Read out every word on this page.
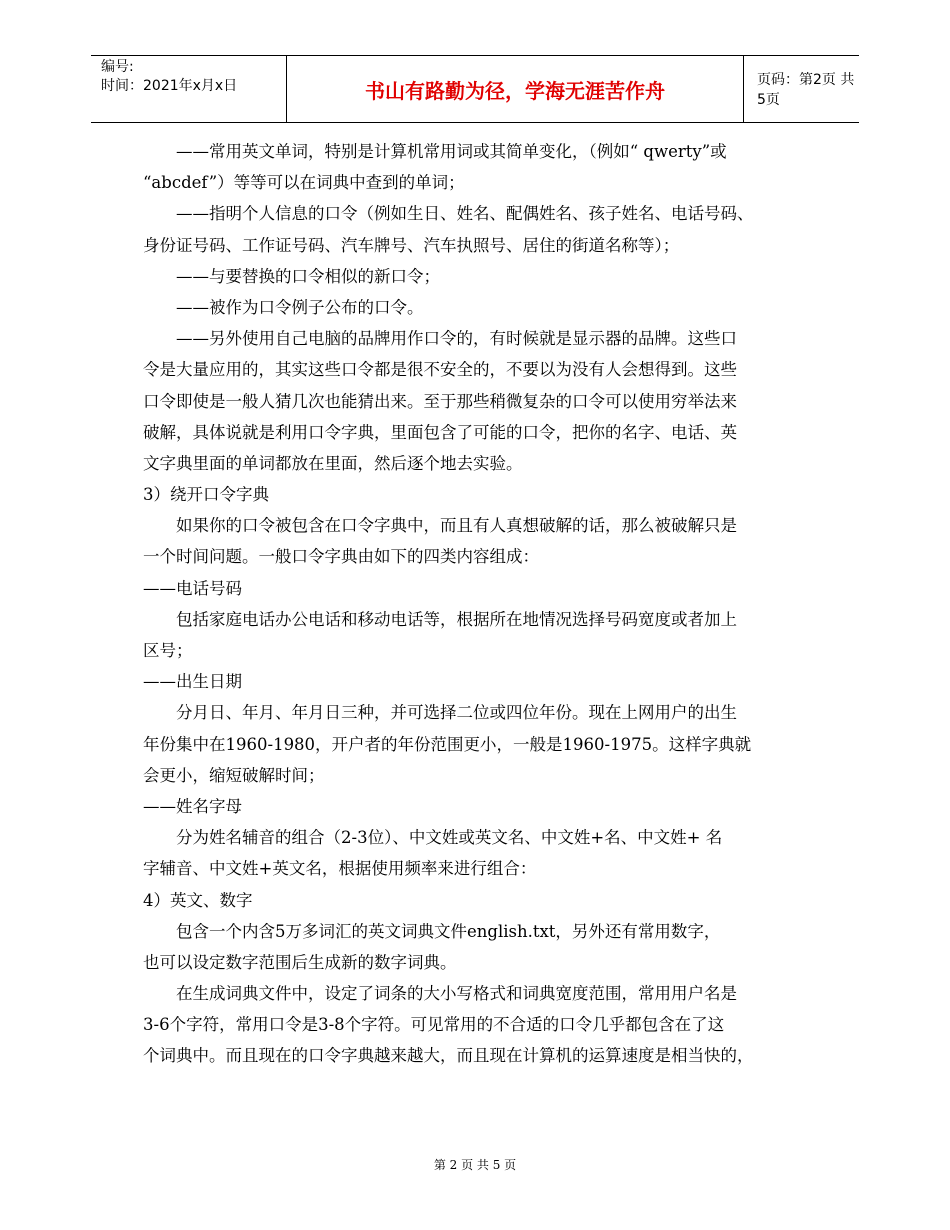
编号:
时间：2021年x月x日	书山有路勤为径，学海无涯苦作舟	页码：第2页 共5页
——常用英文单词，特别是计算机常用词或其简单变化，（例如“ qwerty”或
“abcdef”）等等可以在词典中查到的单词；
——指明个人信息的口令（例如生日、姓名、配偶姓名、孩子姓名、电话号码、
身份证号码、工作证号码、汽车牌号、汽车执照号、居住的街道名称等）；
——与要替换的口令相似的新口令；
——被作为口令例子公布的口令。
——另外使用自己电脑的品牌用作口令的，有时候就是显示器的品牌。这些口
令是大量应用的，其实这些口令都是很不安全的，不要以为没有人会想得到。这些
口令即使是一般人猜几次也能猜出来。至于那些稍微复杂的口令可以使用穷举法来
破解，具体说就是利用口令字典，里面包含了可能的口令，把你的名字、电话、英
文字典里面的单词都放在里面，然后逐个地去实验。
3）绕开口令字典
如果你的口令被包含在口令字典中，而且有人真想破解的话，那么被破解只是
一个时间问题。一般口令字典由如下的四类内容组成：
——电话号码
包括家庭电话办公电话和移动电话等，根据所在地情况选择号码宽度或者加上
区号；
——出生日期
分月日、年月、年月日三种，并可选择二位或四位年份。现在上网用户的出生
年份集中在1960-1980，开户者的年份范围更小，一般是1960-1975。这样字典就
会更小，缩短破解时间；
——姓名字母
分为姓名辅音的组合（2-3位）、中文姓或英文名、中文姓+名、中文姓+ 名
字辅音、中文姓+英文名，根据使用频率来进行组合：
4）英文、数字
包含一个内含5万多词汇的英文词典文件english.txt，另外还有常用数字，
也可以设定数字范围后生成新的数字词典。
在生成词典文件中，设定了词条的大小写格式和词典宽度范围，常用用户名是
3-6个字符，常用口令是3-8个字符。可见常用的不合适的口令几乎都包含在了这
个词典中。而且现在的口令字典越来越大，而且现在计算机的运算速度是相当快的，
第 2 页 共 5 页
